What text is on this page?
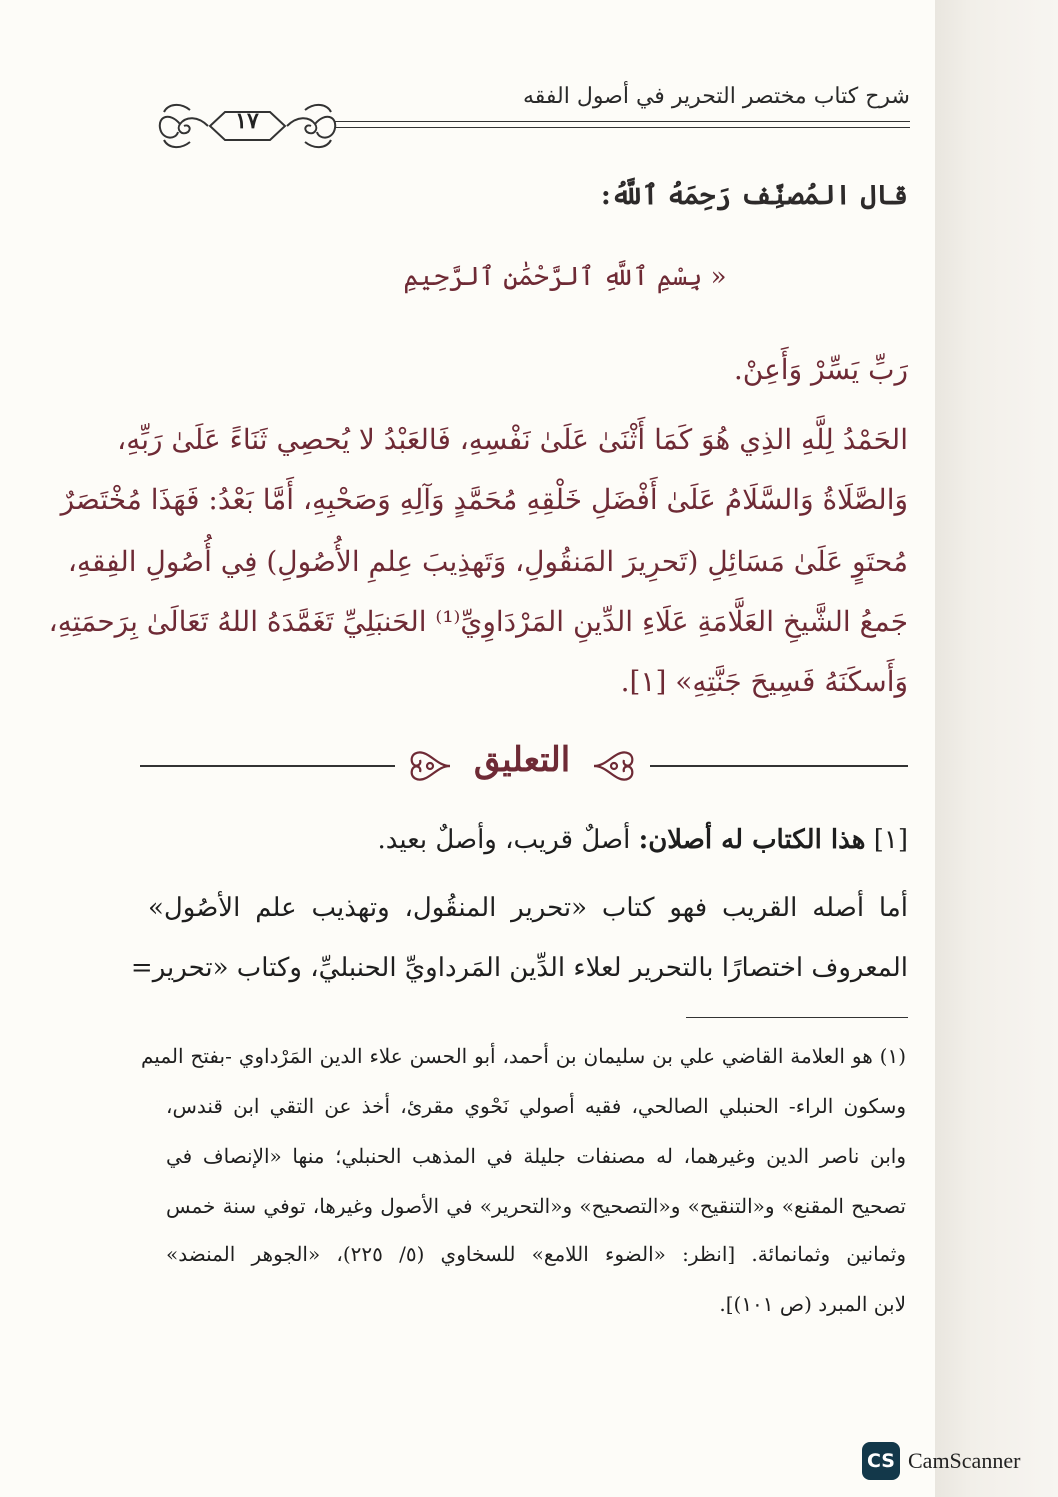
شرح كتاب مختصر التحرير في أصول الفقه
١٧
قال المُصنِّف رَحِمَهُ ٱللَّهُ:
« بِسْمِ ٱللَّهِ ٱلرَّحْمَٰنِ ٱلرَّحِيمِ
رَبِّ يَسِّرْ وَأَعِنْ.
الحَمْدُ لِلَّهِ الذِي هُوَ كَمَا أَثْنَىٰ عَلَىٰ نَفْسِهِ، فَالعَبْدُ لا يُحصِي ثَنَاءً عَلَىٰ رَبِّهِ،
وَالصَّلَاةُ وَالسَّلَامُ عَلَىٰ أَفْضَلِ خَلْقِهِ مُحَمَّدٍ وَآلِهِ وَصَحْبِهِ، أَمَّا بَعْدُ: فَهَذَا مُخْتَصَرٌ
مُحتَوٍ عَلَىٰ مَسَائِلِ (تَحرِيرَ المَنقُولِ، وَتَهذِيبَ عِلمِ الأُصُولِ) فِي أُصُولِ الفِقهِ،
جَمعُ الشَّيخِ العَلَّامَةِ عَلَاءِ الدِّينِ المَرْدَاوِيِّ⁽¹⁾ الحَنبَلِيِّ تَغَمَّدَهُ اللهُ تَعَالَىٰ بِرَحمَتِهِ،
وَأَسكَنَهُ فَسِيحَ جَنَّتِهِ» [١].
التعليق
[١] هذا الكتاب له أصلان: أصلٌ قريب، وأصلٌ بعيد.
أما أصله القريب فهو كتاب «تحرير المنقُول، وتهذيب علم الأصُول»
المعروف اختصارًا بالتحرير لعلاء الدِّين المَرداويِّ الحنبليِّ، وكتاب «تحرير=
(١) هو العلامة القاضي علي بن سليمان بن أحمد، أبو الحسن علاء الدين المَرْداوي -بفتح الميم
وسكون الراء- الحنبلي الصالحي، فقيه أصولي نَحْوي مقرئ، أخذ عن التقي ابن قندس،
وابن ناصر الدين وغيرهما، له مصنفات جليلة في المذهب الحنبلي؛ منها «الإنصاف في
تصحيح المقنع» و«التنقيح» و«التصحيح» و«التحرير» في الأصول وغيرها، توفي سنة خمس
وثمانين وثمانمائة. [انظر: «الضوء اللامع» للسخاوي (٥/ ٢٢٥)، «الجوهر المنضد»
لابن المبرد (ص ١٠١)].
CS CamScanner
